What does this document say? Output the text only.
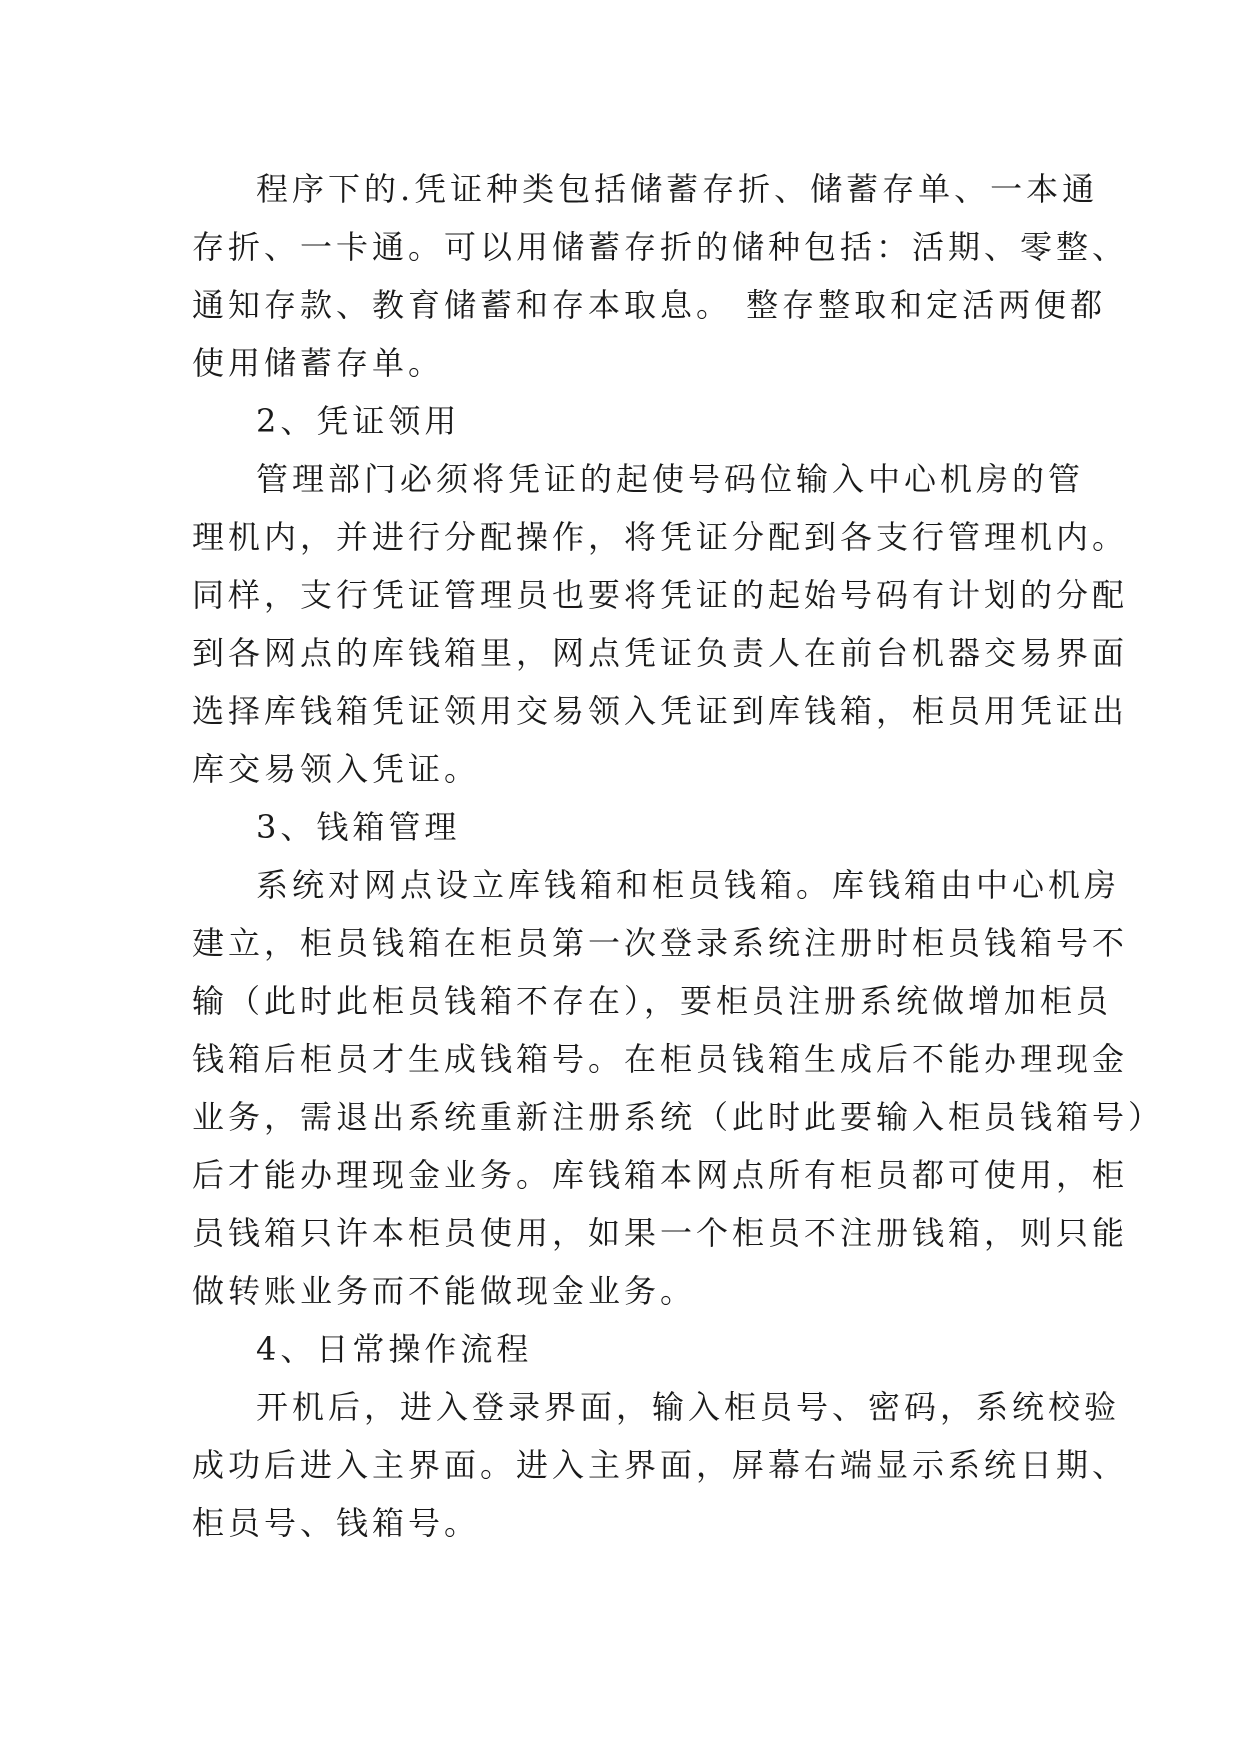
程序下的.凭证种类包括储蓄存折、储蓄存单、一本通
存折、一卡通。可以用储蓄存折的储种包括：活期、零整、
通知存款、教育储蓄和存本取息。 整存整取和定活两便都
使用储蓄存单。
2、凭证领用
管理部门必须将凭证的起使号码位输入中心机房的管
理机内，并进行分配操作，将凭证分配到各支行管理机内。
同样，支行凭证管理员也要将凭证的起始号码有计划的分配
到各网点的库钱箱里，网点凭证负责人在前台机器交易界面
选择库钱箱凭证领用交易领入凭证到库钱箱，柜员用凭证出
库交易领入凭证。
3、钱箱管理
系统对网点设立库钱箱和柜员钱箱。库钱箱由中心机房
建立，柜员钱箱在柜员第一次登录系统注册时柜员钱箱号不
输（此时此柜员钱箱不存在），要柜员注册系统做增加柜员
钱箱后柜员才生成钱箱号。在柜员钱箱生成后不能办理现金
业务，需退出系统重新注册系统（此时此要输入柜员钱箱号）
后才能办理现金业务。库钱箱本网点所有柜员都可使用，柜
员钱箱只许本柜员使用，如果一个柜员不注册钱箱，则只能
做转账业务而不能做现金业务。
4、日常操作流程
开机后，进入登录界面，输入柜员号、密码，系统校验
成功后进入主界面。进入主界面，屏幕右端显示系统日期、
柜员号、钱箱号。
